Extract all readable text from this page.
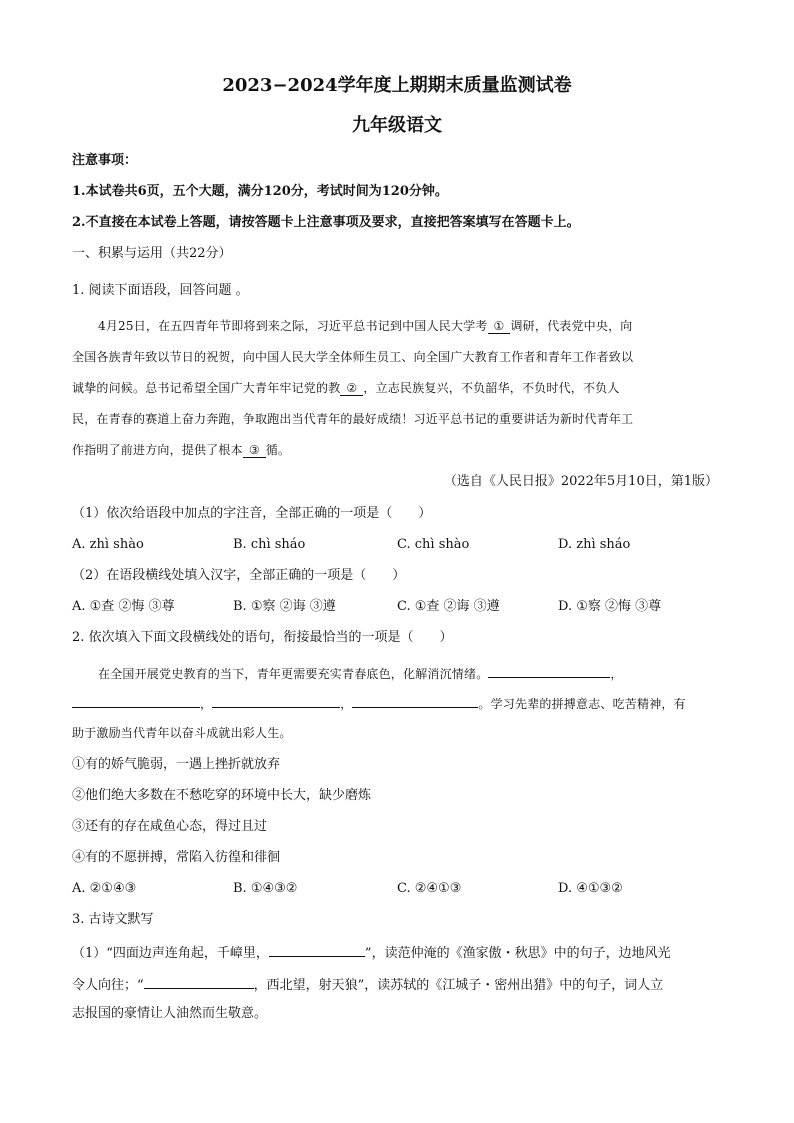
2023−2024学年度上期期末质量监测试卷
九年级语文
注意事项：
1.本试卷共6页，五个大题，满分120分，考试时间为120分钟。
2.不直接在本试卷上答题，请按答题卡上注意事项及要求，直接把答案填写在答题卡上。
一、积累与运用（共22分）
1. 阅读下面语段，回答问题 。
4月25日，在五四青年节即将到来之际，习近平总书记到中国人民大学考 ① 调研，代表党中央，向
全国各族青年致以节日的祝贺，向中国人民大学全体师生员工、向全国广大教育工作者和青年工作者致以
诚挚的问候。总书记希望全国广大青年牢记党的教 ② ，立志民族复兴，不负韶华，不负时代，不负人
民，在青春的赛道上奋力奔跑，争取跑出当代青年的最好成绩！习近平总书记的重要讲话为新时代青年工
作指明了前进方向，提供了根本 ③ 循。
（选自《人民日报》2022年5月10日，第1版）
（1）依次给语段中加点的字注音，全部正确的一项是（　　）
A. zhì shào	B. chì sháo	C. chì shào	D. zhì sháo
（2）在语段横线处填入汉字，全部正确的一项是（　　）
A. ①查 ②悔 ③尊	B. ①察 ②诲 ③遵	C. ①查 ②诲 ③遵	D. ①察 ②悔 ③尊
2. 依次填入下面文段横线处的语句，衔接最恰当的一项是（　　）
在全国开展党史教育的当下，青年更需要充实青春底色，化解消沉情绪。	，
，	，	。学习先辈的拼搏意志、吃苦精神，有
助于激励当代青年以奋斗成就出彩人生。
①有的娇气脆弱，一遇上挫折就放弃
②他们绝大多数在不愁吃穿的环境中长大，缺少磨炼
③还有的存在咸鱼心态，得过且过
④有的不愿拼搏，常陷入彷徨和徘徊
A. ②①④③	B. ①④③②	C. ②④①③	D. ④①③②
3. 古诗文默写
（1）“四面边声连角起，千嶂里，	”，读范仲淹的《渔家傲・秋思》中的句子，边地风光
令人向往；“	，西北望，射天狼”，读苏轼的《江城子・密州出猎》中的句子，词人立
志报国的豪情让人油然而生敬意。
